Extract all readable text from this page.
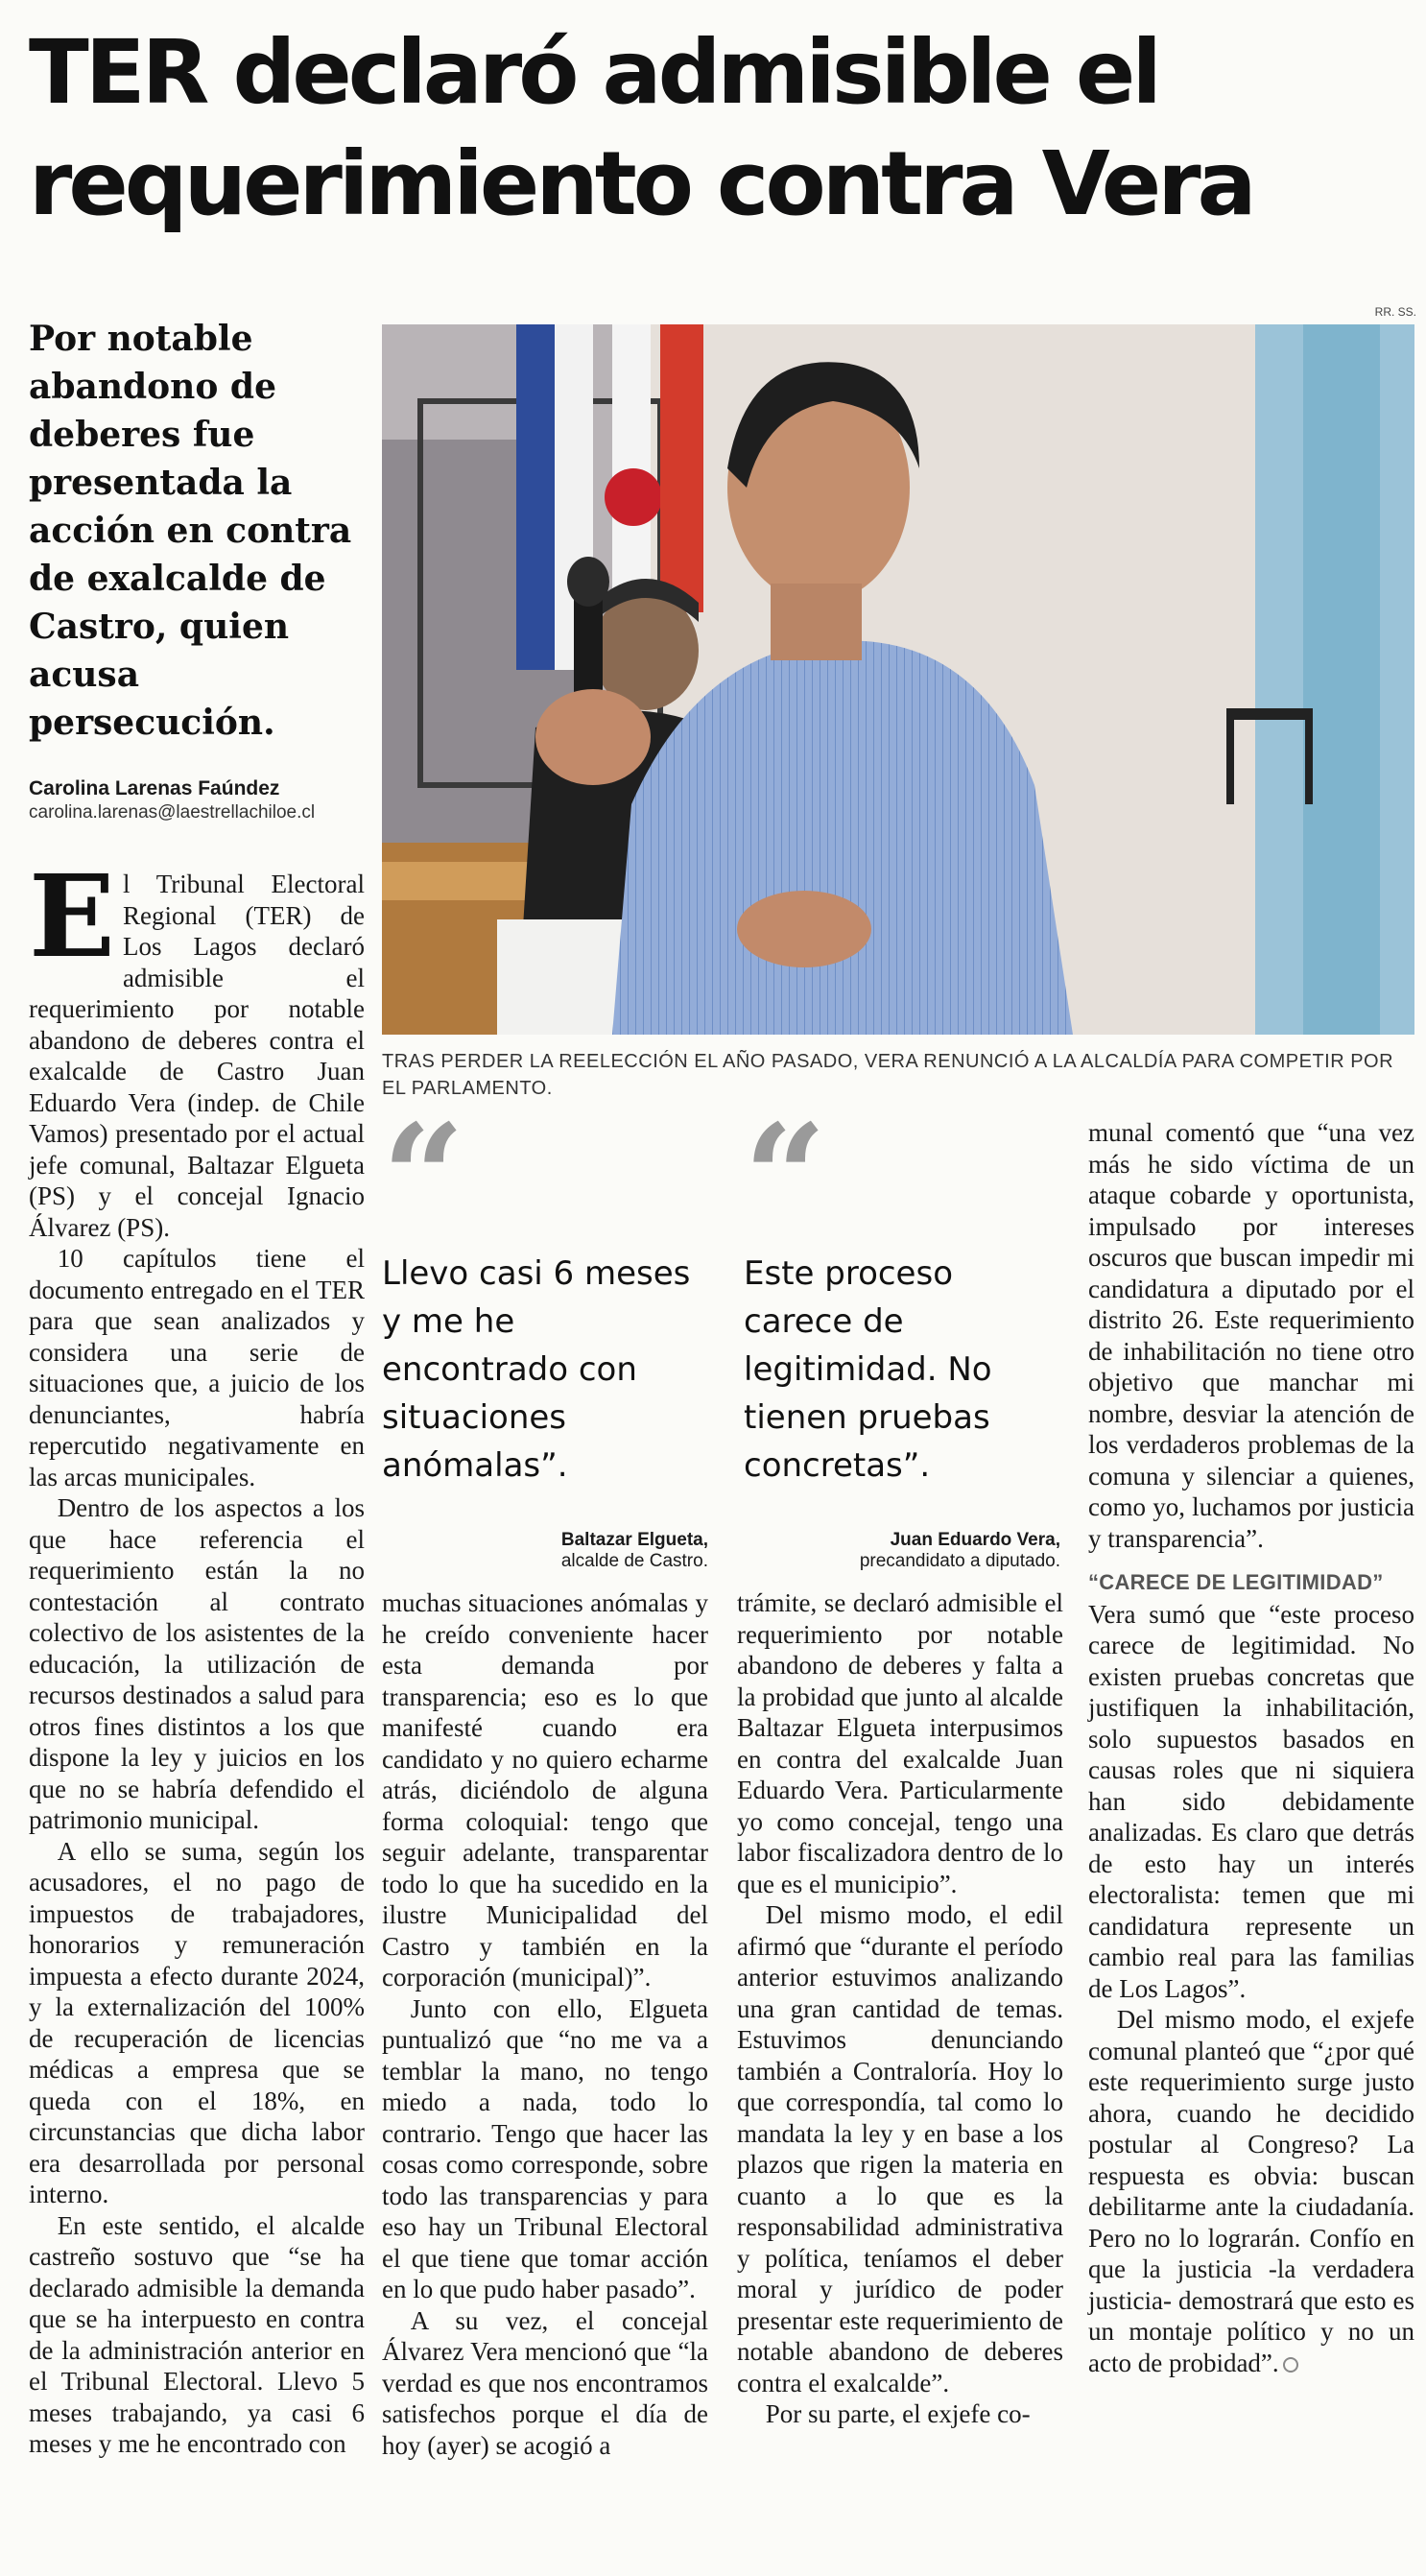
TER declaró admisible el requerimiento contra Vera
Por notable abandono de deberes fue presentada la acción en contra de exalcalde de Castro, quien acusa persecución.
Carolina Larenas Faúndez
carolina.larenas@laestrellachiloe.cl
RR. SS.
TRAS PERDER LA REELECCIÓN EL AÑO PASADO, VERA RENUNCIÓ A LA ALCALDÍA PARA COMPETIR POR EL PARLAMENTO.
“
Llevo casi 6 meses y me he encontrado con situaciones anómalas”.
Baltazar Elgueta,
alcalde de Castro.
“
Este proceso carece de legitimidad. No tienen pruebas concretas”.
Juan Eduardo Vera,
precandidato a diputado.

El Tribunal Electoral Regional (TER) de Los Lagos declaró admisible el requerimiento por notable abandono de deberes contra el exalcalde de Castro Juan Eduardo Vera (indep. de Chile Vamos) presentado por el actual jefe comunal, Baltazar Elgueta (PS) y el concejal Ignacio Álvarez (PS).

10 capítulos tiene el documento entregado en el TER para que sean analizados y considera una serie de situaciones que, a juicio de los denunciantes, habría repercutido negativamente en las arcas municipales.

Dentro de los aspectos a los que hace referencia el requerimiento están la no contestación al contrato colectivo de los asistentes de la educación, la utilización de recursos destinados a salud para otros fines distintos a los que dispone la ley y juicios en los que no se habría defendido el patrimonio municipal.

A ello se suma, según los acusadores, el no pago de impuestos de trabajadores, honorarios y remuneración impuesta a efecto durante 2024, y la externalización del 100% de recuperación de licencias médicas a empresa que se queda con el 18%, en circunstancias que dicha labor era desarrollada por personal interno.

En este sentido, el alcalde castreño sostuvo que “se ha declarado admisible la demanda que se ha interpuesto en contra de la administración anterior en el Tribunal Electoral. Llevo 5 meses trabajando, ya casi 6 meses y me he encontrado con

muchas situaciones anómalas y he creído conveniente hacer esta demanda por transparencia; eso es lo que manifesté cuando era candidato y no quiero echarme atrás, diciéndolo de alguna forma coloquial: tengo que seguir adelante, transparentar todo lo que ha sucedido en la ilustre Municipalidad del Castro y también en la corporación (municipal)”.

Junto con ello, Elgueta puntualizó que “no me va a temblar la mano, no tengo miedo a nada, todo lo contrario. Tengo que hacer las cosas como corresponde, sobre todo las transparencias y para eso hay un Tribunal Electoral el que tiene que tomar acción en lo que pudo haber pasado”.

A su vez, el concejal Álvarez Vera mencionó que “la verdad es que nos encontramos satisfechos porque el día de hoy (ayer) se acogió a

trámite, se declaró admisible el requerimiento por notable abandono de deberes y falta a la probidad que junto al alcalde Baltazar Elgueta interpusimos en contra del exalcalde Juan Eduardo Vera. Particularmente yo como concejal, tengo una labor fiscalizadora dentro de lo que es el municipio”.

Del mismo modo, el edil afirmó que “durante el período anterior estuvimos analizando una gran cantidad de temas. Estuvimos denunciando también a Contraloría. Hoy lo que correspondía, tal como lo mandata la ley y en base a los plazos que rigen la materia en cuanto a lo que es la responsabilidad administrativa y política, teníamos el deber moral y jurídico de poder presentar este requerimiento de notable abandono de deberes contra el exalcalde”.

Por su parte, el exjefe co-

munal comentó que “una vez más he sido víctima de un ataque cobarde y oportunista, impulsado por intereses oscuros que buscan impedir mi candidatura a diputado por el distrito 26. Este requerimiento de inhabilitación no tiene otro objetivo que manchar mi nombre, desviar la atención de los verdaderos problemas de la comuna y silenciar a quienes, como yo, luchamos por justicia y transparencia”.

“CARECE DE LEGITIMIDAD”

Vera sumó que “este proceso carece de legitimidad. No existen pruebas concretas que justifiquen la inhabilitación, solo supuestos basados en causas roles que ni siquiera han sido debidamente analizadas. Es claro que detrás de esto hay un interés electoralista: temen que mi candidatura represente un cambio real para las familias de Los Lagos”.

Del mismo modo, el exjefe comunal planteó que “¿por qué este requerimiento surge justo ahora, cuando he decidido postular al Congreso? La respuesta es obvia: buscan debilitarme ante la ciudadanía. Pero no lo lograrán. Confío en que la justicia -la verdadera justicia- demostrará que esto es un montaje político y no un acto de probidad”.
